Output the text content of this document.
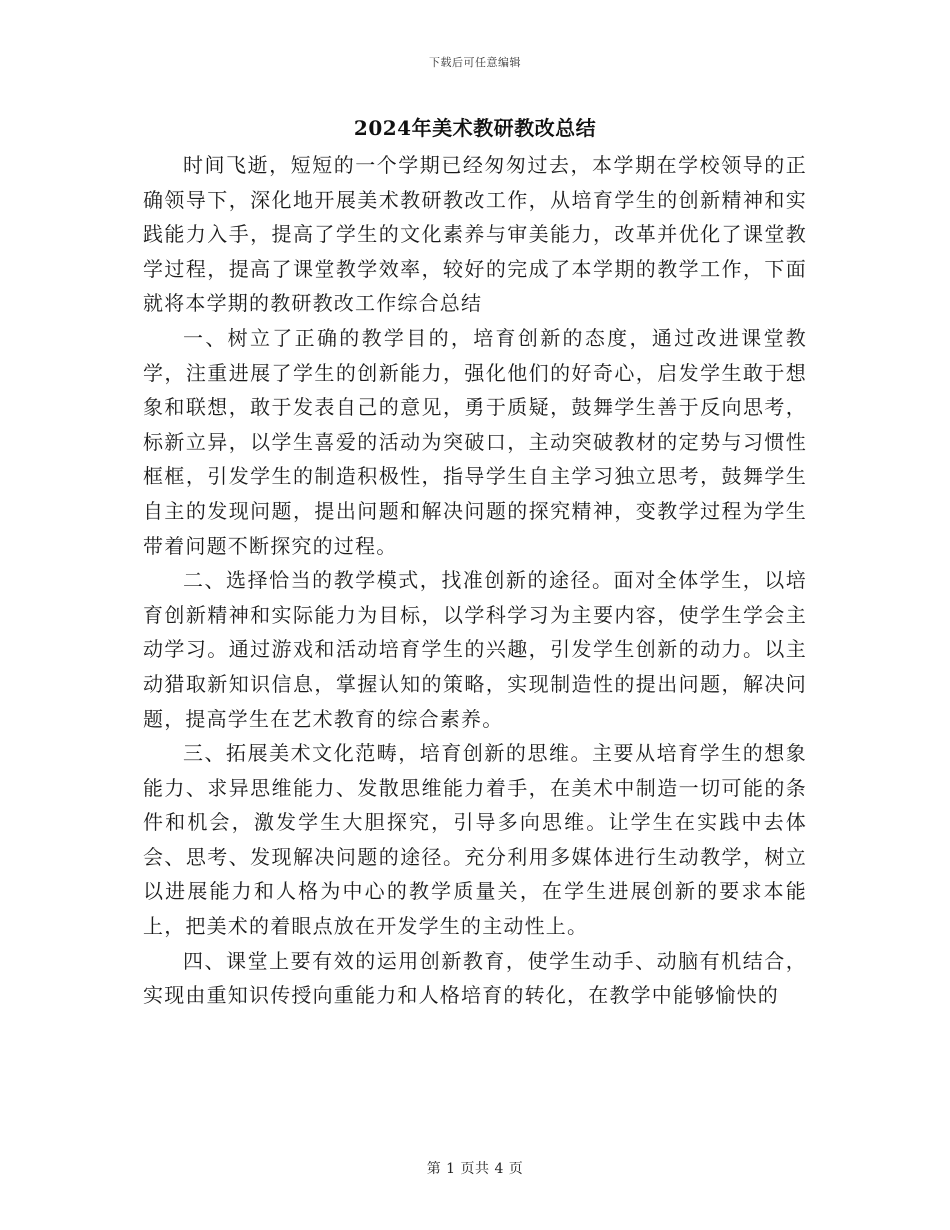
下载后可任意编辑
2024年美术教研教改总结

时间飞逝，短短的一个学期已经匆匆过去，本学期在学校领导的正确领导下，深化地开展美术教研教改工作，从培育学生的创新精神和实践能力入手，提高了学生的文化素养与审美能力，改革并优化了课堂教学过程，提高了课堂教学效率，较好的完成了本学期的教学工作，下面就将本学期的教研教改工作综合总结

一、树立了正确的教学目的，培育创新的态度，通过改进课堂教学，注重进展了学生的创新能力，强化他们的好奇心，启发学生敢于想象和联想，敢于发表自己的意见，勇于质疑，鼓舞学生善于反向思考，标新立异，以学生喜爱的活动为突破口，主动突破教材的定势与习惯性框框，引发学生的制造积极性，指导学生自主学习独立思考，鼓舞学生自主的发现问题，提出问题和解决问题的探究精神，变教学过程为学生带着问题不断探究的过程。

二、选择恰当的教学模式，找准创新的途径。面对全体学生，以培育创新精神和实际能力为目标，以学科学习为主要内容，使学生学会主动学习。通过游戏和活动培育学生的兴趣，引发学生创新的动力。以主动猎取新知识信息，掌握认知的策略，实现制造性的提出问题，解决问题，提高学生在艺术教育的综合素养。

三、拓展美术文化范畴，培育创新的思维。主要从培育学生的想象能力、求异思维能力、发散思维能力着手，在美术中制造一切可能的条件和机会，激发学生大胆探究，引导多向思维。让学生在实践中去体会、思考、发现解决问题的途径。充分利用多媒体进行生动教学，树立以进展能力和人格为中心的教学质量关，在学生进展创新的要求本能上，把美术的着眼点放在开发学生的主动性上。

四、课堂上要有效的运用创新教育，使学生动手、动脑有机结合，实现由重知识传授向重能力和人格培育的转化，在教学中能够愉快的

第 1 页共 4 页
